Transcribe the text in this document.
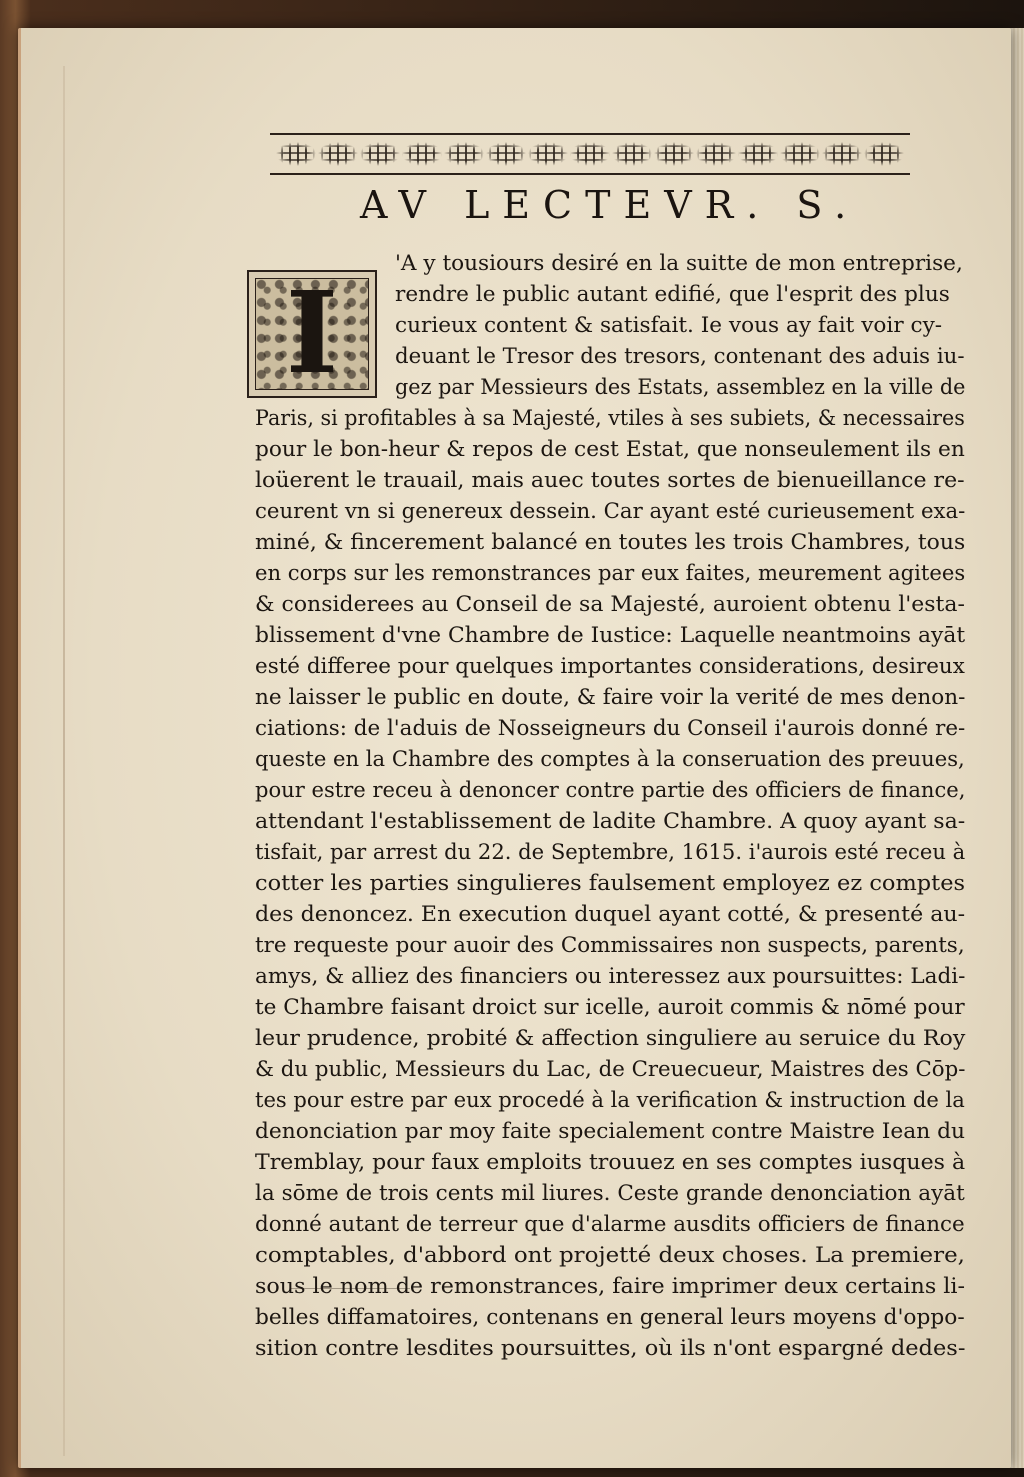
AV LECTEVR. S.
I
'A y tousiours desiré en la suitte de mon entreprise,
rendre le public autant edifié, que l'esprit des plus
curieux content & satisfait. Ie vous ay fait voir cy-
deuant le Tresor des tresors, contenant des aduis iu-
gez par Messieurs des Estats, assemblez en la ville de
Paris, si profitables à sa Majesté, vtiles à ses subiets, & necessaires
pour le bon-heur & repos de cest Estat, que nonseulement ils en
loüerent le trauail, mais auec toutes sortes de bienueillance re-
ceurent vn si genereux dessein. Car ayant esté curieusement exa-
miné, & fincerement balancé en toutes les trois Chambres, tous
en corps sur les remonstrances par eux faites, meurement agitees
& considerees au Conseil de sa Majesté, auroient obtenu l'esta-
blissement d'vne Chambre de Iustice: Laquelle neantmoins ayāt
esté differee pour quelques importantes considerations, desireux
ne laisser le public en doute, & faire voir la verité de mes denon-
ciations: de l'aduis de Nosseigneurs du Conseil i'aurois donné re-
queste en la Chambre des comptes à la conseruation des preuues,
pour estre receu à denoncer contre partie des officiers de finance,
attendant l'establissement de ladite Chambre. A quoy ayant sa-
tisfait, par arrest du 22. de Septembre, 1615. i'aurois esté receu à
cotter les parties singulieres faulsement employez ez comptes
des denoncez. En execution duquel ayant cotté, & presenté au-
tre requeste pour auoir des Commissaires non suspects, parents,
amys, & alliez des financiers ou interessez aux poursuittes: Ladi-
te Chambre faisant droict sur icelle, auroit commis & nōmé pour
leur prudence, probité & affection singuliere au seruice du Roy
& du public, Messieurs du Lac, de Creuecueur, Maistres des Cōp-
tes pour estre par eux procedé à la verification & instruction de la
denonciation par moy faite specialement contre Maistre Iean du
Tremblay, pour faux emploits trouuez en ses comptes iusques à
la sōme de trois cents mil liures. Ceste grande denonciation ayāt
donné autant de terreur que d'alarme ausdits officiers de finance
comptables, d'abbord ont projetté deux choses. La premiere,
sous le nom de remonstrances, faire imprimer deux certains li-
belles diffamatoires, contenans en general leurs moyens d'oppo-
sition contre lesdites poursuittes, où ils n'ont espargné dedes-
